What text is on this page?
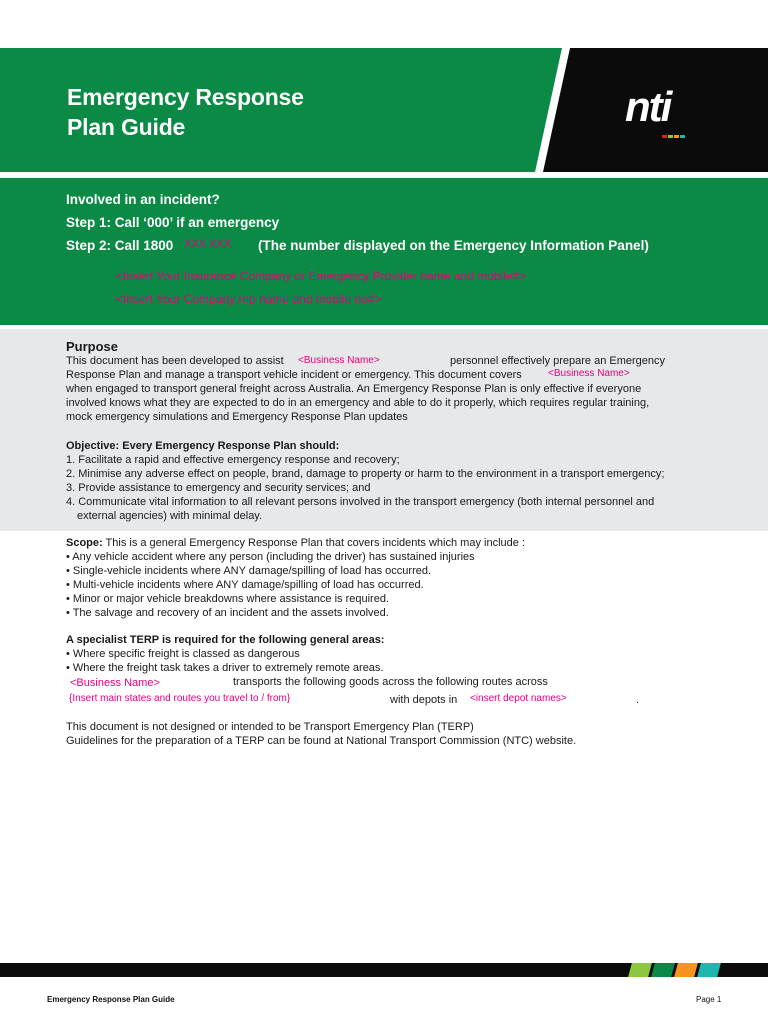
Emergency Response
Plan Guide	nti
Involved in an incident?
Step 1: Call ‘000’ if an emergency
Step 2: Call 1800 XXX XXX (The number displayed on the Emergency Information Panel)
<Insert Your Insurance Company or Emergency Provider name and mobile#>
<Insert Your Company rep name and mobile no#>
Purpose
This document has been developed to assist <Business Name>	personnel effectively prepare an Emergency
Response Plan and manage a transport vehicle incident or emergency. This document covers	<Business Name>
when engaged to transport general freight across Australia. An Emergency Response Plan is only effective if everyone
involved knows what they are expected to do in an emergency and able to do it properly, which requires regular training,
mock emergency simulations and Emergency Response Plan updates
Objective: Every Emergency Response Plan should:
1. Facilitate a rapid and effective emergency response and recovery;
2. Minimise any adverse effect on people, brand, damage to property or harm to the environment in a transport emergency;
3. Provide assistance to emergency and security services; and
4. Communicate vital information to all relevant persons involved in the transport emergency (both internal personnel and
external agencies) with minimal delay.
Scope: This is a general Emergency Response Plan that covers incidents which may include :
• Any vehicle accident where any person (including the driver) has sustained injuries
• Single-vehicle incidents where ANY damage/spilling of load has occurred.
• Multi-vehicle incidents where ANY damage/spilling of load has occurred.
• Minor or major vehicle breakdowns where assistance is required.
• The salvage and recovery of an incident and the assets involved.
A specialist TERP is required for the following general areas:
• Where specific freight is classed as dangerous
• Where the freight task takes a driver to extremely remote areas.
<Business Name>	transports the following goods across the following routes across
{Insert main states and routes you travel to / from}	with depots in <insert depot names>	.
This document is not designed or intended to be Transport Emergency Plan (TERP)
Guidelines for the preparation of a TERP can be found at National Transport Commission (NTC) website.
Emergency Response Plan Guide	Page 1
